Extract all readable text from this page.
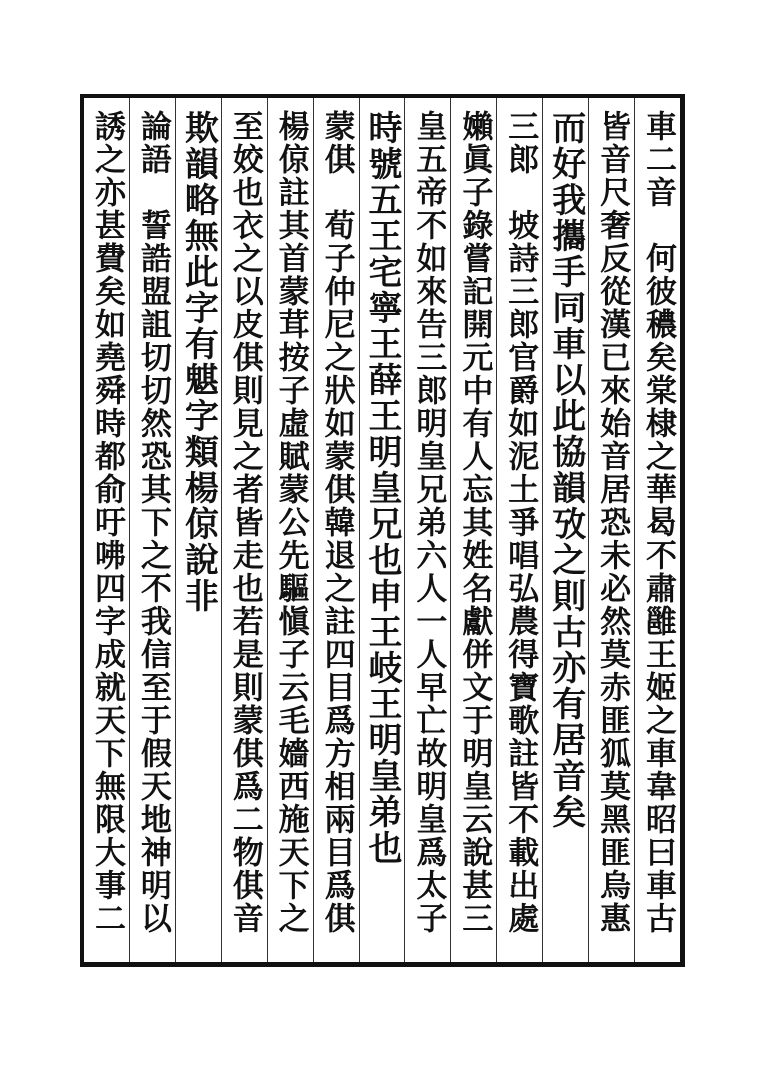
車二音　何彼穠矣棠棣之華曷不肅雝王姬之車韋昭曰車古
皆音尺奢反從漢已來始音居恐未必然莫赤匪狐莫黑匪烏惠
而好我攜手同車以此協韻攷之則古亦有居音矣
三郎　坡詩三郎官爵如泥土爭唱弘農得寶歌註皆不載出處
嬾眞子錄嘗記開元中有人忘其姓名獻併文于明皇云說甚三
皇五帝不如來告三郎明皇兄弟六人一人早亡故明皇爲太子
時號五王宅寧王薛王明皇兄也申王岐王明皇弟也
蒙倛　荀子仲尼之狀如蒙倛韓退之註四目爲方相兩目爲倛
楊倞註其首蒙茸按子虛賦蒙公先驅愼子云毛嬙西施天下之
至姣也衣之以皮倛則見之者皆走也若是則蒙倛爲二物倛音
欺韻略無此字有魌字類楊倞說非
論語　誓誥盟詛切切然恐其下之不我信至于假天地神明以
誘之亦甚費矣如堯舜時都俞吁咈四字成就天下無限大事二
